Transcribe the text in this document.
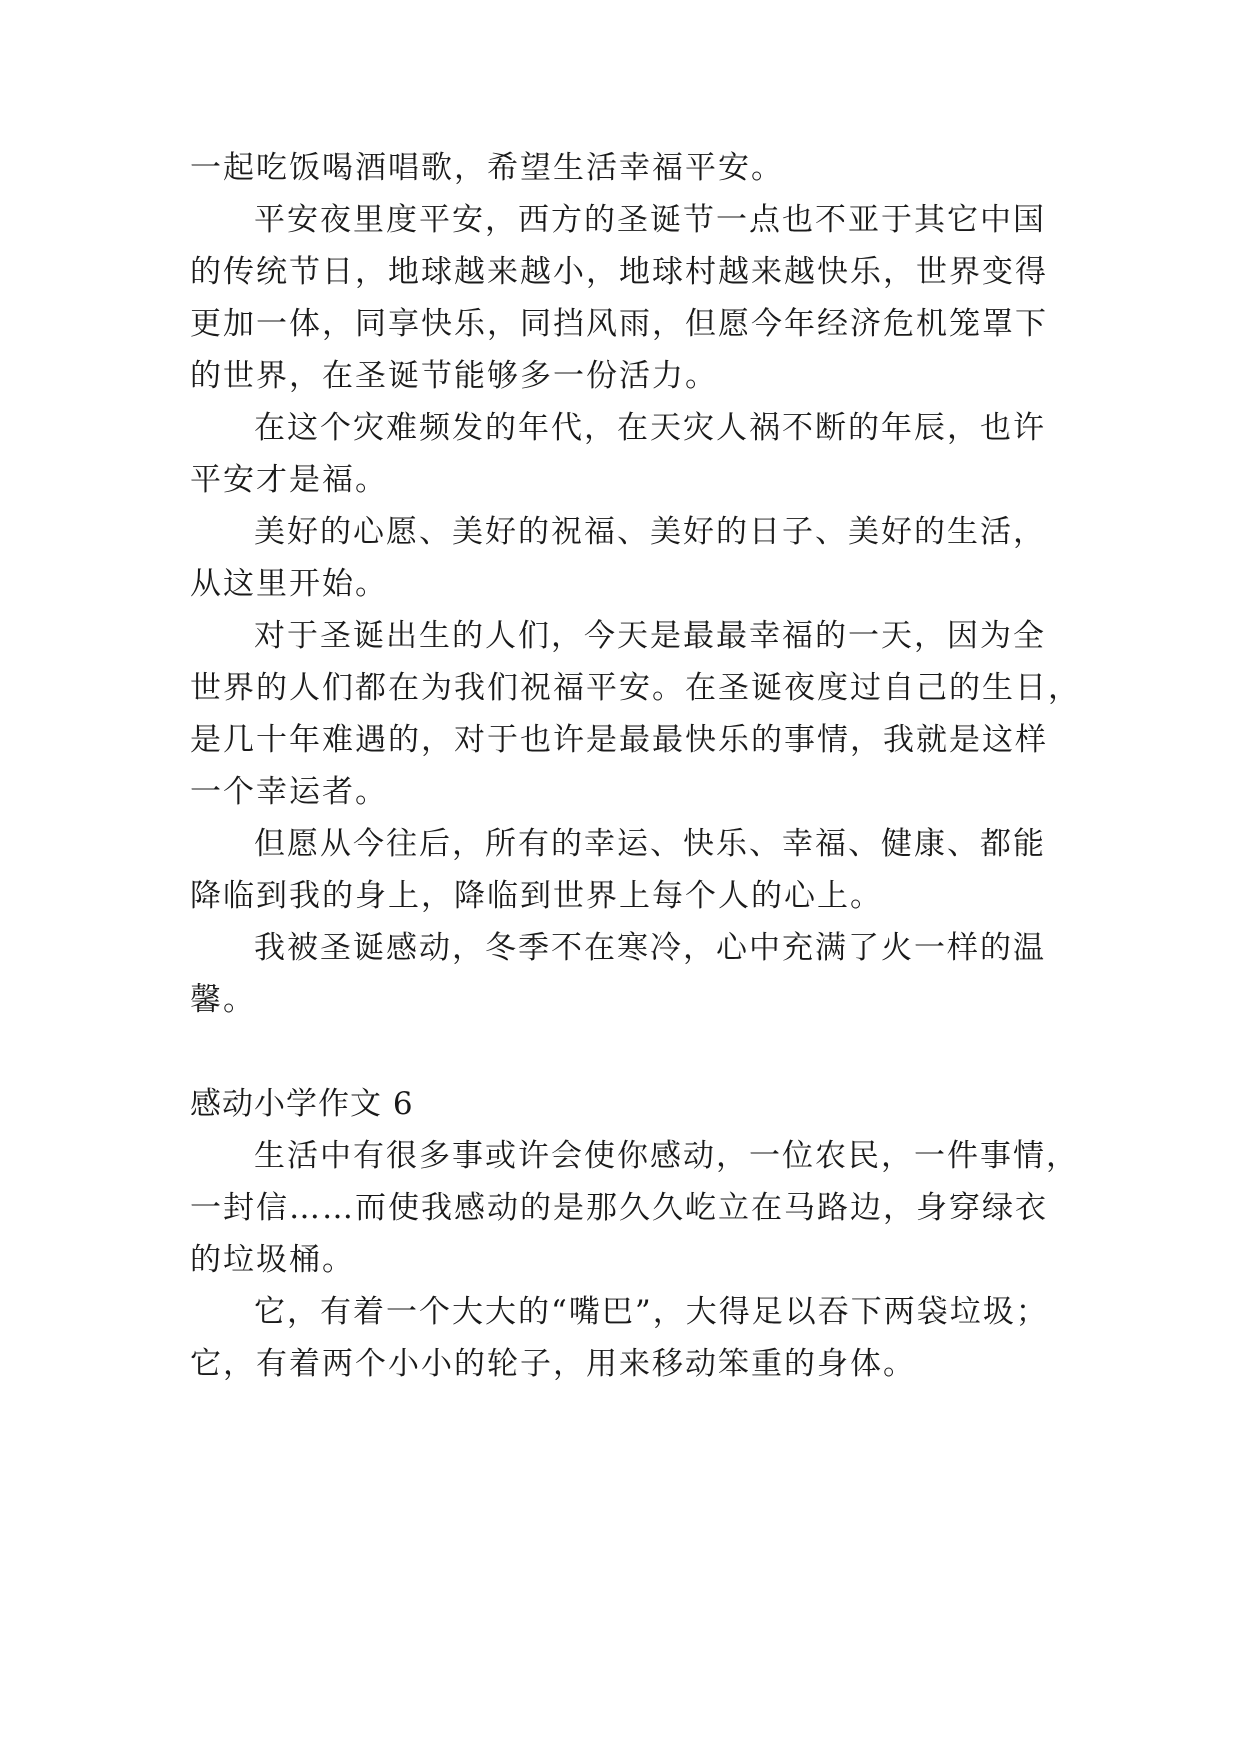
一起吃饭喝酒唱歌，希望生活幸福平安。
平安夜里度平安，西方的圣诞节一点也不亚于其它中国
的传统节日，地球越来越小，地球村越来越快乐，世界变得
更加一体，同享快乐，同挡风雨，但愿今年经济危机笼罩下
的世界，在圣诞节能够多一份活力。
在这个灾难频发的年代，在天灾人祸不断的年辰，也许
平安才是福。
美好的心愿、美好的祝福、美好的日子、美好的生活，
从这里开始。
对于圣诞出生的人们，今天是最最幸福的一天，因为全
世界的人们都在为我们祝福平安。在圣诞夜度过自己的生日，
是几十年难遇的，对于也许是最最快乐的事情，我就是这样
一个幸运者。
但愿从今往后，所有的幸运、快乐、幸福、健康、都能
降临到我的身上，降临到世界上每个人的心上。
我被圣诞感动，冬季不在寒冷，心中充满了火一样的温
馨。
感动小学作文 6
生活中有很多事或许会使你感动，一位农民，一件事情，
一封信……而使我感动的是那久久屹立在马路边，身穿绿衣
的垃圾桶。
它，有着一个大大的“嘴巴”，大得足以吞下两袋垃圾；
它，有着两个小小的轮子，用来移动笨重的身体。
